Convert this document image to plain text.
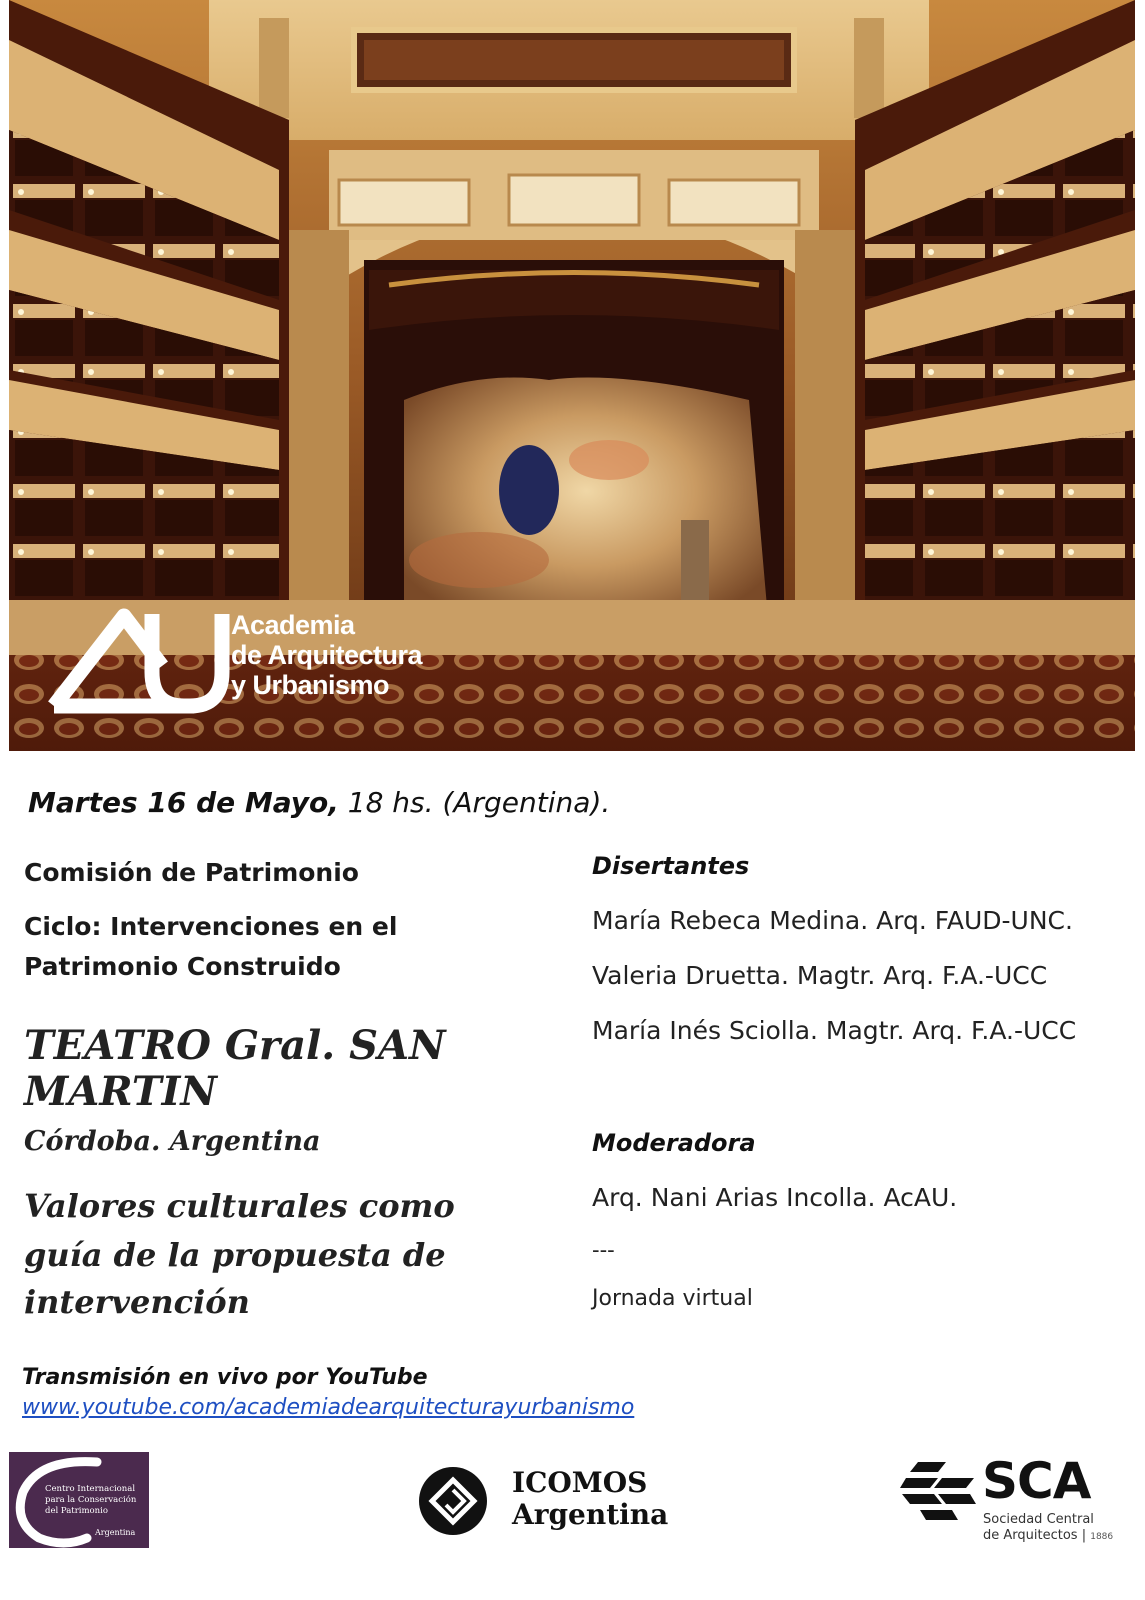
Academia
de Arquitectura
y Urbanismo
Martes 16 de Mayo, 18 hs. (Argentina).
Comisión de Patrimonio
Ciclo: Intervenciones en el
Patrimonio Construido
TEATRO Gral. SAN
MARTIN
Córdoba. Argentina
Valores culturales como
guía de la propuesta de
intervención
Disertantes
María Rebeca Medina. Arq. FAUD-UNC.
Valeria Druetta. Magtr. Arq. F.A.-UCC
María Inés Sciolla. Magtr. Arq. F.A.-UCC
Moderadora
Arq. Nani Arias Incolla. AcAU.
---
Jornada virtual
Transmisión en vivo por YouTube
www.youtube.com/academiadearquitecturayurbanismo
Centro Internacional
para la Conservación
del Patrimonio
Argentina
ICOMOS
Argentina
SCA
Sociedad Central
de Arquitectos | 1886
